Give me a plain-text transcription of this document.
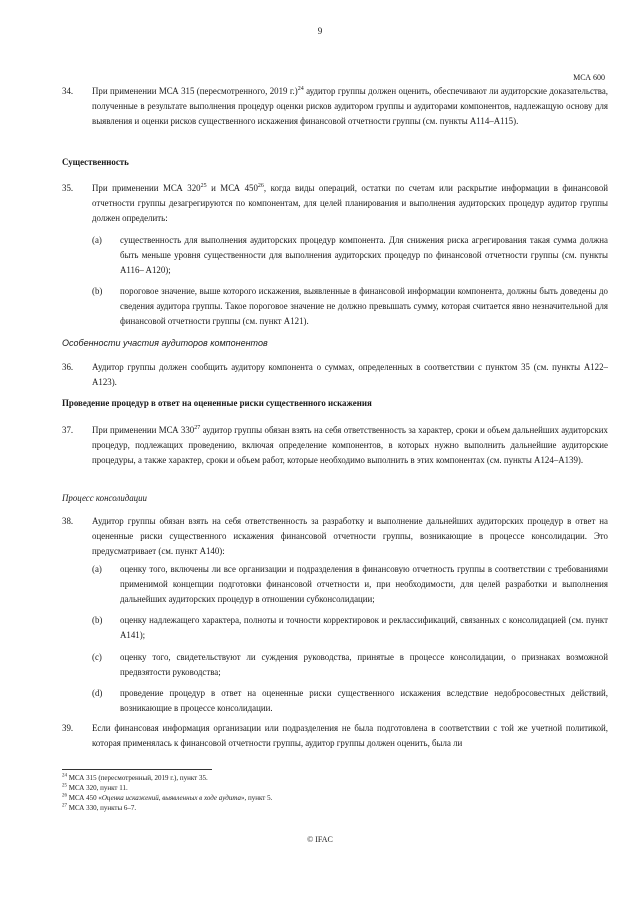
9
МСА 600
34. При применении МСА 315 (пересмотренного, 2019 г.)$^{24}$ аудитор группы должен оценить, обеспечивают ли аудиторские доказательства, полученные в результате выполнения процедур оценки рисков аудитором группы и аудиторами компонентов, надлежащую основу для выявления и оценки рисков существенного искажения финансовой отчетности группы (см. пункты A114–A115).
Существенность
35. При применении МСА $320^{25}$ и МСА $450^{26}$, когда виды операций, остатки по счетам или раскрытие информации в финансовой отчетности группы дезагрегируются по компонентам, для целей планирования и выполнения аудиторских процедур аудитор группы должен определить:
(a) существенность для выполнения аудиторских процедур компонента. Для снижения риска агрегирования такая сумма должна быть меньше уровня существенности для выполнения аудиторских процедур по финансовой отчетности группы (см. пункты A116– A120);
(b) пороговое значение, выше которого искажения, выявленные в финансовой информации компонента, должны быть доведены до сведения аудитора группы. Такое пороговое значение не должно превышать сумму, которая считается явно незначительной для финансовой отчетности группы (см. пункт A121).
Особенности участия аудиторов компонентов
36. Аудитор группы должен сообщить аудитору компонента о суммах, определенных в соответствии с пунктом 35 (см. пункты A122–A123).
Проведение процедур в ответ на оцененные риски существенного искажения
37. При применении МСА $330^{27}$ аудитор группы обязан взять на себя ответственность за характер, сроки и объем дальнейших аудиторских процедур, подлежащих проведению, включая определение компонентов, в которых нужно выполнить дальнейшие аудиторские процедуры, а также характер, сроки и объем работ, которые необходимо выполнить в этих компонентах (см. пункты A124–A139).
Процесс консолидации
38. Аудитор группы обязан взять на себя ответственность за разработку и выполнение дальнейших аудиторских процедур в ответ на оцененные риски существенного искажения финансовой отчетности группы, возникающие в процессе консолидации. Это предусматривает (см. пункт A140):
(a) оценку того, включены ли все организации и подразделения в финансовую отчетность группы в соответствии с требованиями применимой концепции подготовки финансовой отчетности и, при необходимости, для целей разработки и выполнения дальнейших аудиторских процедур в отношении субконсолидации;
(b) оценку надлежащего характера, полноты и точности корректировок и реклассификаций, связанных с консолидацией (см. пункт A141);
(c) оценку того, свидетельствуют ли суждения руководства, принятые в процессе консолидации, о признаках возможной предвзятости руководства;
(d) проведение процедур в ответ на оцененные риски существенного искажения вследствие недобросовестных действий, возникающие в процессе консолидации.
39. Если финансовая информация организации или подразделения не была подготовлена в соответствии с той же учетной политикой, которая применялась к финансовой отчетности группы, аудитор группы должен оценить, была ли
$^{24}$ МСА 315 (пересмотренный, 2019 г.), пункт 35.
$^{25}$ МСА 320, пункт 11.
$^{26}$ МСА 450 «Оценка искажений, выявленных в ходе аудита», пункт 5.
$^{27}$ МСА 330, пункты 6–7.
© IFAC
